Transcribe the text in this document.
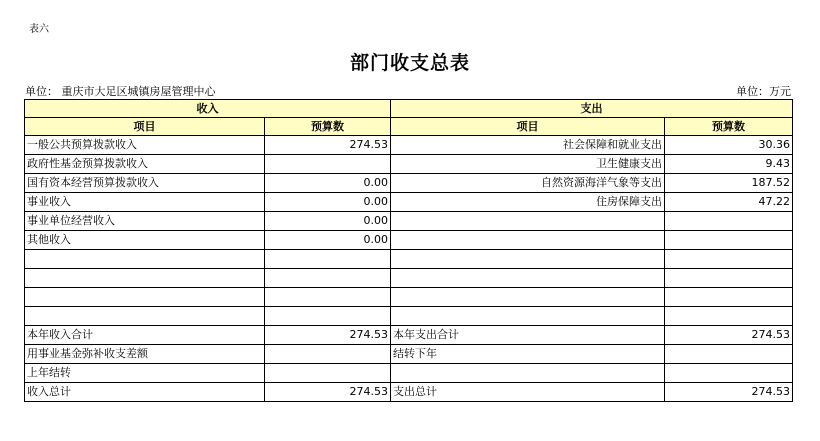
表六
部门收支总表
单位： 重庆市大足区城镇房屋管理中心	单位：万元
收入		支出	
项目	预算数	项目	预算数
一般公共预算拨款收入	274.53	社会保障和就业支出	30.36
政府性基金预算拨款收入		卫生健康支出	9.43
国有资本经营预算拨款收入	0.00	自然资源海洋气象等支出	187.52
事业收入	0.00	住房保障支出	47.22
事业单位经营收入	0.00		
其他收入	0.00		

本年收入合计	274.53	本年支出合计	274.53
用事业基金弥补收支差额		结转下年	
上年结转			
收入总计	274.53	支出总计	274.53
